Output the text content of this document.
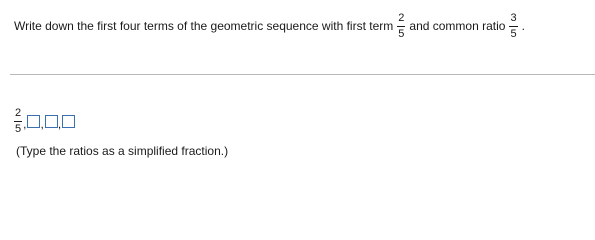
Write down the first four terms of the geometric sequence with first term $\frac{2}{5}$ and common ratio $\frac{3}{5}$ .
$\frac{2}{5}$ , , ,
(Type the ratios as a simplified fraction.)
